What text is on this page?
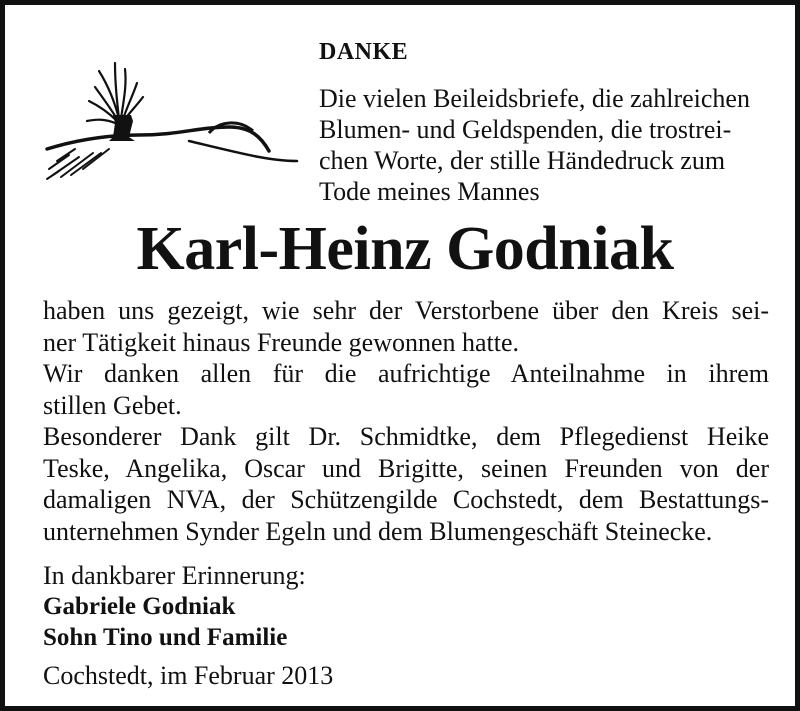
DANKE

Die vielen Beileidsbriefe, die zahlreichen
Blumen- und Geldspenden, die trostrei-
chen Worte, der stille Händedruck zum
Tode meines Mannes

Karl-Heinz Godniak

haben uns gezeigt, wie sehr der Verstorbene über den Kreis sei-
ner Tätigkeit hinaus Freunde gewonnen hatte.
Wir danken allen für die aufrichtige Anteilnahme in ihrem
stillen Gebet.
Besonderer Dank gilt Dr. Schmidtke, dem Pflegedienst Heike
Teske, Angelika, Oscar und Brigitte, seinen Freunden von der
damaligen NVA, der Schützengilde Cochstedt, dem Bestattungs-
unternehmen Synder Egeln und dem Blumengeschäft Steinecke.

In dankbarer Erinnerung:
Gabriele Godniak
Sohn Tino und Familie
Cochstedt, im Februar 2013
